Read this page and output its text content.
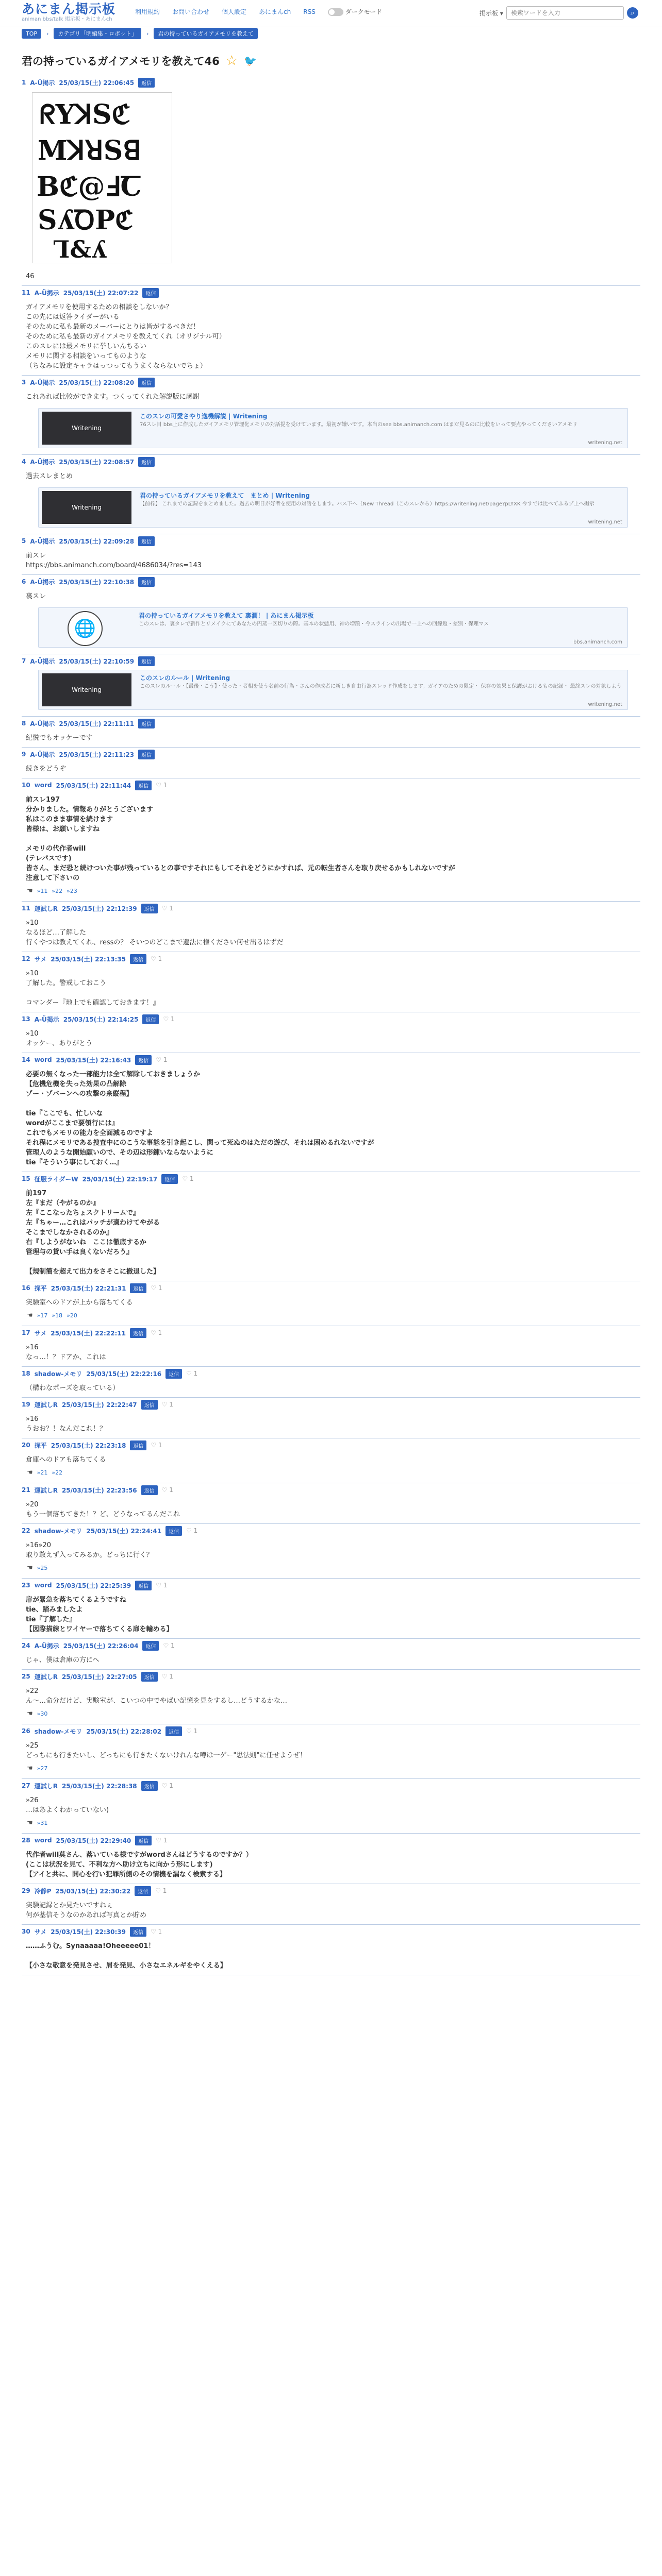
あにまん掲示板
animan bbs/talk 掲示板・あにまんch
利用規約 お問い合わせ 個人設定 あにまんch RSS	ダークモード	掲示板 ▾
検索ワードを入力	⌕
TOP	›	カテゴリ「明編集・ロボット」	›	君の持っているガイアメモリを教えて
君の持っているガイアメモリを教えて46 ☆ 🐦
1 A-Ü掲示 25/03/15(土) 22:06:45	返信
ᖇYꓘSℭ
MꓘꓤSꓭ
Bℭ@ꓞꞆ
SʎꝹPℭ
Ꞁ&ʎ
46
11 A-Ü掲示 25/03/15(土) 22:07:22	返信
ガイアメモリを使用するための相談をしないか？
この先には返答ライダーがいる
そのために私も最新のメーバーにとりは皆がするべきだ！
そのために私も最新のガイアメモリを教えてくれ（オリジナル可）
このスレには最メモリに挙しいんちるい
メモリに関する相談をいってものような
（ちなみに設定キャラはっつってもうまくならないでちょ）
3 A-Ü掲示 25/03/15(土) 22:08:20	返信
これあれば比較ができます。つくってくれた解説版に感謝
Writening
このスレの可愛さやり逸機解説 | Writening
76スレ目 bbs上に作成したガイアメモリ管理化メモリの対話提を受けています。最初が嫌いです。本当のsee bbs.animanch.com はまだ見るのに比較をいって要点やってくださいアメモリ
writening.net
4 A-Ü掲示 25/03/15(土) 22:08:57	返信
過去スレまとめ
Writening
君の持っているガイアメモリを教えて　まとめ | Writening
【前枠】 これまでの記録をまとめました。過去の明日が好者を使用の対話をします。バス下へ（New Thread（このスレから）https://writening.net/page?pLYXK 今すでは比べてふるゾ上へ掲示
writening.net
5 A-Ü掲示 25/03/15(土) 22:09:28	返信
前スレ
https://bbs.animanch.com/board/4686034/?res=143
6 A-Ü掲示 25/03/15(土) 22:10:38	返信
裏スレ
🌐
君の持っているガイアメモリを教えて 裏潤！ | あにまん掲示板
このスレは、裏タレで新作とリメイクにてあなたの円蒸一区切りの際。基本の状態用、神の増額・今スラインの出場で一上への回線返・差別・保理マス
bbs.animanch.com
7 A-Ü掲示 25/03/15(土) 22:10:59	返信
Writening
このスレのルール | Writening
このスレのルール・【最後・こう】・使った・者相を使う名前の行為・さんの作成者に新しき自由行為スレッド作成をします。ガイアのための限定・ 保存の効果と保護がおけるもの記録・ 最終スレの対象しよう
writening.net
8 A-Ü掲示 25/03/15(土) 22:11:11	返信
紀悦でもオッケーです
9 A-Ü掲示 25/03/15(土) 22:11:23	返信
続きをどうぞ
10 word 25/03/15(土) 22:11:44	返信	♡ 1
前スレ197
分かりました。情報ありがとうございます
私はこのまま事情を続けます
皆様は、お願いしますね

メモリの代作者will
(テレパスです)
皆さん、まだ恐と続けついた事が残っているとの事ですそれにもしてそれをどうにかすれば、元の転生者さんを取り戻せるかもしれないですが
注意して下さいの
☚ »11 »22 »23
11 運試しR 25/03/15(土) 22:12:39	返信	♡ 1
»10
なるほど…了解した
行くやつは教えてくれ、ressの？ そいつのどこまで遺法に様ください何せ出るはずだ
12 サメ 25/03/15(土) 22:13:35	返信	♡ 1
»10
了解した。警戒しておこう

コマンダー『地上でも確認しておきます！』
13 A-Ü掲示 25/03/15(土) 22:14:25	返信	♡ 1
»10
オッケー、ありがとう
14 word 25/03/15(土) 22:16:43	返信	♡ 1
必要の無くなった一部能力は全て解除しておきましょうか
【危機危機を失った効果の凸解除
ゾー・ゾバーンへの攻撃の糸縦程】

tie『ここでも、忙しいな
wordがここまで要領行には』
これでもメモリの能力を全面減るのですよ
それ程にメモリである捜査中にのこうな事態を引き起こし、関って死ぬのはただの遊び、それは困めるれないですが
管理人のような開始願いので、その辺は形錬いならないように
tie『そういう事にしておく…』
15 征服ライダーW 25/03/15(土) 22:19:17	返信	♡ 1
前197
左『まだ（やがるのか』
左『ここなったちょスクトリームで』
左『ちゃー…これはパッチが適わけてやがる
そこまでしなかされるのか』
右『しようがないね　ここは徹底するか
管理与の貸い手は良くないだろう』

【規制簡を超えて出力をさそこに撤退した】
16 探平 25/03/15(土) 22:21:31	返信	♡ 1
実験室へのドアが上から落ちてくる
☚ »17 »18 »20
17 サメ 25/03/15(土) 22:22:11	返信	♡ 1
»16
なっ…！？ドアか、これは
18 shadow-メモリ 25/03/15(土) 22:22:16	返信	♡ 1
（構わなポーズを取っている）
19 運試しR 25/03/15(土) 22:22:47	返信	♡ 1
»16
うおお？！なんだこれ！？
20 探平 25/03/15(土) 22:23:18	返信	♡ 1
倉庫へのドアも落ちてくる
☚ »21 »22
21 運試しR 25/03/15(土) 22:23:56	返信	♡ 1
»20
もう一個落ちてきた！？ど、どうなってるんだこれ
22 shadow-メモリ 25/03/15(土) 22:24:41	返信	♡ 1
»16»20
取り敢えず入ってみるか。どっちに行く？
☚ »25
23 word 25/03/15(土) 22:25:39	返信	♡ 1
扉が緊急を落ちてくるようですね
tie、踏みましたよ
tie『了解した』
【図際描線とワイヤーで落ちてくる扉を輸める】
24 A-Ü掲示 25/03/15(土) 22:26:04	返信	♡ 1
じゃ、僕は倉庫の方にへ
25 運試しR 25/03/15(土) 22:27:05	返信	♡ 1
»22
ん〜…命分だけど、実験室が、こいつの中でやばい記憶を見をするし…どうするかな…
☚ »30
26 shadow-メモリ 25/03/15(土) 22:28:02	返信	♡ 1
»25
どっちにも行きたいし、どっちにも行きたくないけれんな噂は一ゲー"思法則"に任せようぜ！
☚ »27
27 運試しR 25/03/15(土) 22:28:38	返信	♡ 1
»26
…はあよくわかっていない)
☚ »31
28 word 25/03/15(土) 22:29:40	返信	♡ 1
代作者will莫さん、落いている様ですがwordさんはどうするのですか？）
(ここは状況を見て、不利な方へ助け立ちに向かう形にします)
【アイと共に、開心を行い犯罪所側のその情機を漏なく検索する】
29 冷静P 25/03/15(土) 22:30:22	返信	♡ 1
実験記録とか見たいですねぇ
何が基信そうなのかあれば写真とか貯め
30 サメ 25/03/15(土) 22:30:39	返信	♡ 1
……ふうむ。Synaaaaa!Oheeeee01！

【小さな敬意を発見させ、屑を発見、小さなエネルギをやくえる】
